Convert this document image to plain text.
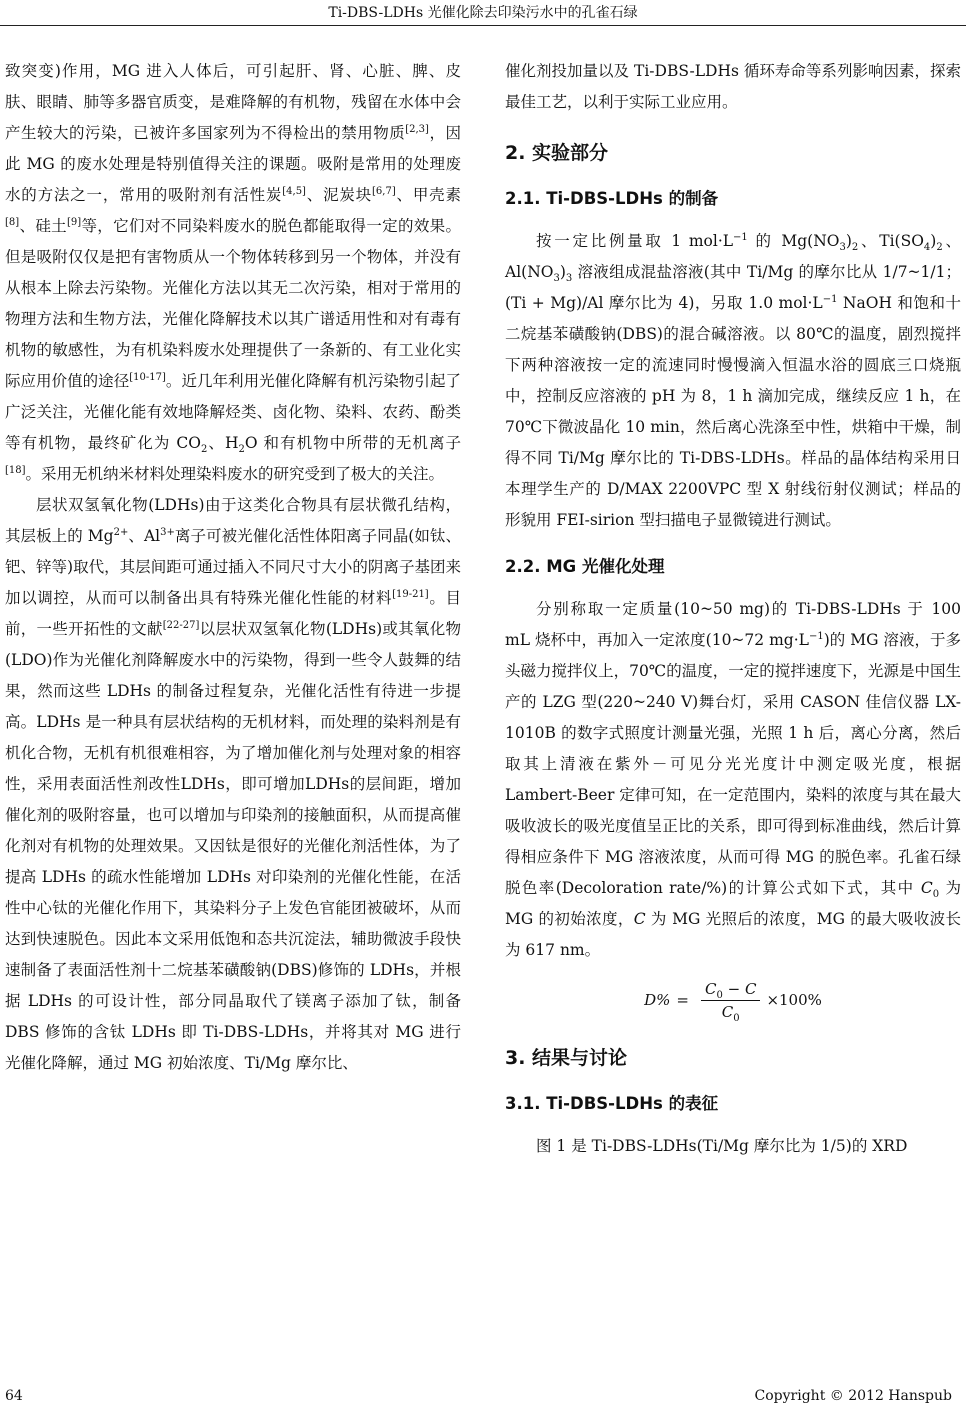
Ti-DBS-LDHs 光催化除去印染污水中的孔雀石绿

致突变)作用，MG 进入人体后，可引起肝、肾、心脏、脾、皮肤、眼睛、肺等多器官质变，是难降解的有机物，残留在水体中会产生较大的污染，已被许多国家列为不得检出的禁用物质[2,3]，因此 MG 的废水处理是特别值得关注的课题。吸附是常用的处理废水的方法之一，常用的吸附剂有活性炭[4,5]、泥炭块[6,7]、甲壳素[8]、硅土[9]等，它们对不同染料废水的脱色都能取得一定的效果。但是吸附仅仅是把有害物质从一个物体转移到另一个物体，并没有从根本上除去污染物。光催化方法以其无二次污染，相对于常用的物理方法和生物方法，光催化降解技术以其广谱适用性和对有毒有机物的敏感性，为有机染料废水处理提供了一条新的、有工业化实际应用价值的途径[10-17]。近几年利用光催化降解有机污染物引起了广泛关注，光催化能有效地降解烃类、卤化物、染料、农药、酚类等有机物，最终矿化为 $CO_2$、$H_2O$ 和有机物中所带的无机离子[18]。采用无机纳米材料处理染料废水的研究受到了极大的关注。

层状双氢氧化物(LDHs)由于这类化合物具有层状微孔结构，其层板上的 $Mg^{2+}$、$Al^{3+}$离子可被光催化活性体阳离子同晶(如钛、钯、锌等)取代，其层间距可通过插入不同尺寸大小的阴离子基团来加以调控，从而可以制备出具有特殊光催化性能的材料[19-21]。目前，一些开拓性的文献[22-27]以层状双氢氧化物(LDHs)或其氧化物(LDO)作为光催化剂降解废水中的污染物，得到一些令人鼓舞的结果，然而这些 LDHs 的制备过程复杂，光催化活性有待进一步提高。LDHs 是一种具有层状结构的无机材料，而处理的染料剂是有机化合物，无机有机很难相容，为了增加催化剂与处理对象的相容性，采用表面活性剂改性LDHs，即可增加LDHs的层间距，增加催化剂的吸附容量，也可以增加与印染剂的接触面积，从而提高催化剂对有机物的处理效果。又因钛是很好的光催化剂活性体，为了提高 LDHs 的疏水性能增加 LDHs 对印染剂的光催化性能，在活性中心钛的光催化作用下，其染料分子上发色官能团被破坏，从而达到快速脱色。因此本文采用低饱和态共沉淀法，辅助微波手段快速制备了表面活性剂十二烷基苯磺酸钠(DBS)修饰的 LDHs，并根据 LDHs 的可设计性，部分同晶取代了镁离子添加了钛，制备 DBS 修饰的含钛 LDHs 即 Ti-DBS-LDHs，并将其对 MG 进行光催化降解，通过 MG 初始浓度、Ti/Mg 摩尔比、

催化剂投加量以及 Ti-DBS-LDHs 循环寿命等系列影响因素，探索最佳工艺，以利于实际工业应用。

2. 实验部分
2.1. Ti-DBS-LDHs 的制备

按一定比例量取 1 $mol\cdot L^{-1}$ 的 $Mg(NO_3)_2$、$Ti(SO_4)_2$、$Al(NO_3)_3$ 溶液组成混盐溶液(其中 Ti/Mg 的摩尔比从 1/7~1/1；(Ti + Mg)/Al 摩尔比为 4)，另取 1.0 $mol\cdot L^{-1}$ NaOH 和饱和十二烷基苯磺酸钠(DBS)的混合碱溶液。以 80℃的温度，剧烈搅拌下两种溶液按一定的流速同时慢慢滴入恒温水浴的圆底三口烧瓶中，控制反应溶液的 pH 为 8，1 h 滴加完成，继续反应 1 h，在 70℃下微波晶化 10 min，然后离心洗涤至中性，烘箱中干燥，制得不同 Ti/Mg 摩尔比的 Ti-DBS-LDHs。样品的晶体结构采用日本理学生产的 D/MAX 2200VPC 型 X 射线衍射仪测试；样品的形貌用 FEI-sirion 型扫描电子显微镜进行测试。

2.2. MG 光催化处理

分别称取一定质量(10~50 mg)的 Ti-DBS-LDHs 于 100 mL 烧杯中，再加入一定浓度(10~72 $mg\cdot L^{-1}$)的 MG 溶液，于多头磁力搅拌仪上，70℃的温度，一定的搅拌速度下，光源是中国生产的 LZG 型(220~240 V)舞台灯，采用 CASON 佳信仪器 LX-1010B 的数字式照度计测量光强，光照 1 h 后，离心分离，然后取其上清液在紫外－可见分光光度计中测定吸光度，根据 Lambert-Beer 定律可知，在一定范围内，染料的浓度与其在最大吸收波长的吸光度值呈正比的关系，即可得到标准曲线，然后计算得相应条件下 MG 溶液浓度，从而可得 MG 的脱色率。孔雀石绿脱色率(Decoloration rate/%)的计算公式如下式，其中 $C_0$ 为 MG 的初始浓度，C 为 MG 光照后的浓度，MG 的最大吸收波长为 617 nm。

$D\% = \frac{C_0 - C}{C_0} \times 100\%$
3. 结果与讨论
3.1. Ti-DBS-LDHs 的表征

图 1 是 Ti-DBS-LDHs(Ti/Mg 摩尔比为 1/5)的 XRD

64	Copyright © 2012 Hanspub
